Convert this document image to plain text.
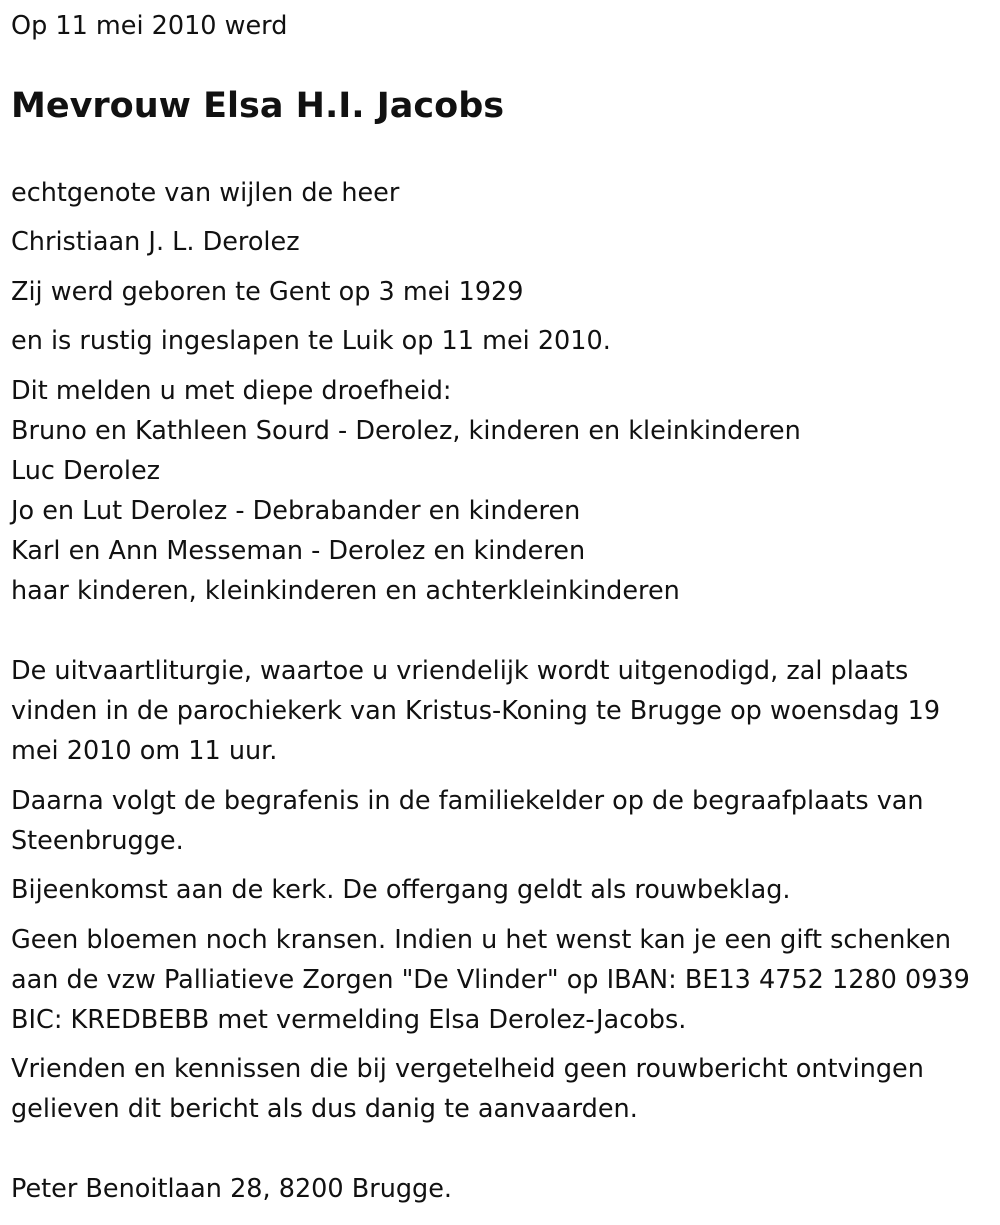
Op 11 mei 2010 werd

Mevrouw Elsa H.I. Jacobs

echtgenote van wijlen de heer

Christiaan J. L. Derolez

Zij werd geboren te Gent op 3 mei 1929

en is rustig ingeslapen te Luik op 11 mei 2010.

Dit melden u met diepe droefheid:

Bruno en Kathleen Sourd - Derolez, kinderen en kleinkinderen

Luc Derolez

Jo en Lut Derolez - Debrabander en kinderen

Karl en Ann Messeman - Derolez en kinderen

haar kinderen, kleinkinderen en achterkleinkinderen

De uitvaartliturgie, waartoe u vriendelijk wordt uitgenodigd, zal plaats

vinden in de parochiekerk van Kristus-Koning te Brugge op woensdag 19

mei 2010 om 11 uur.

Daarna volgt de begrafenis in de familiekelder op de begraafplaats van

Steenbrugge.

Bijeenkomst aan de kerk. De offergang geldt als rouwbeklag.

Geen bloemen noch kransen. Indien u het wenst kan je een gift schenken

aan de vzw Palliatieve Zorgen "De Vlinder" op IBAN: BE13 4752 1280 0939

BIC: KREDBEBB met vermelding Elsa Derolez-Jacobs.

Vrienden en kennissen die bij vergetelheid geen rouwbericht ontvingen

gelieven dit bericht als dus danig te aanvaarden.

Peter Benoitlaan 28, 8200 Brugge.
